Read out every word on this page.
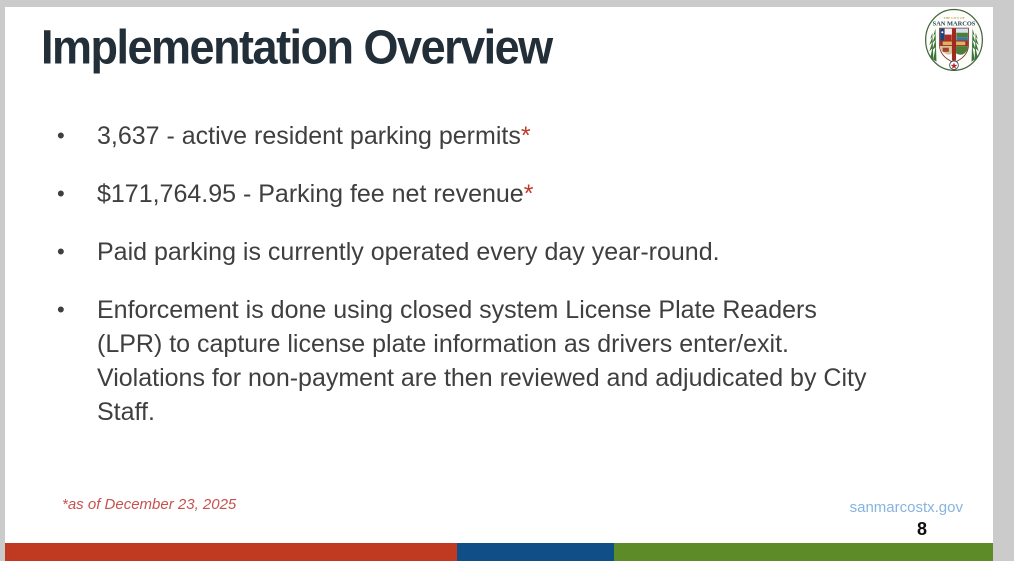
Implementation Overview
THE CITY OF
SAN MARCOS
• 3,637 - active resident parking permits*
• $171,764.95 - Parking fee net revenue*
• Paid parking is currently operated every day year-round.
• Enforcement is done using closed system License Plate Readers
(LPR) to capture license plate information as drivers enter/exit.
Violations for non-payment are then reviewed and adjudicated by City
Staff.
*as of December 23, 2025	sanmarcostx.gov
8
